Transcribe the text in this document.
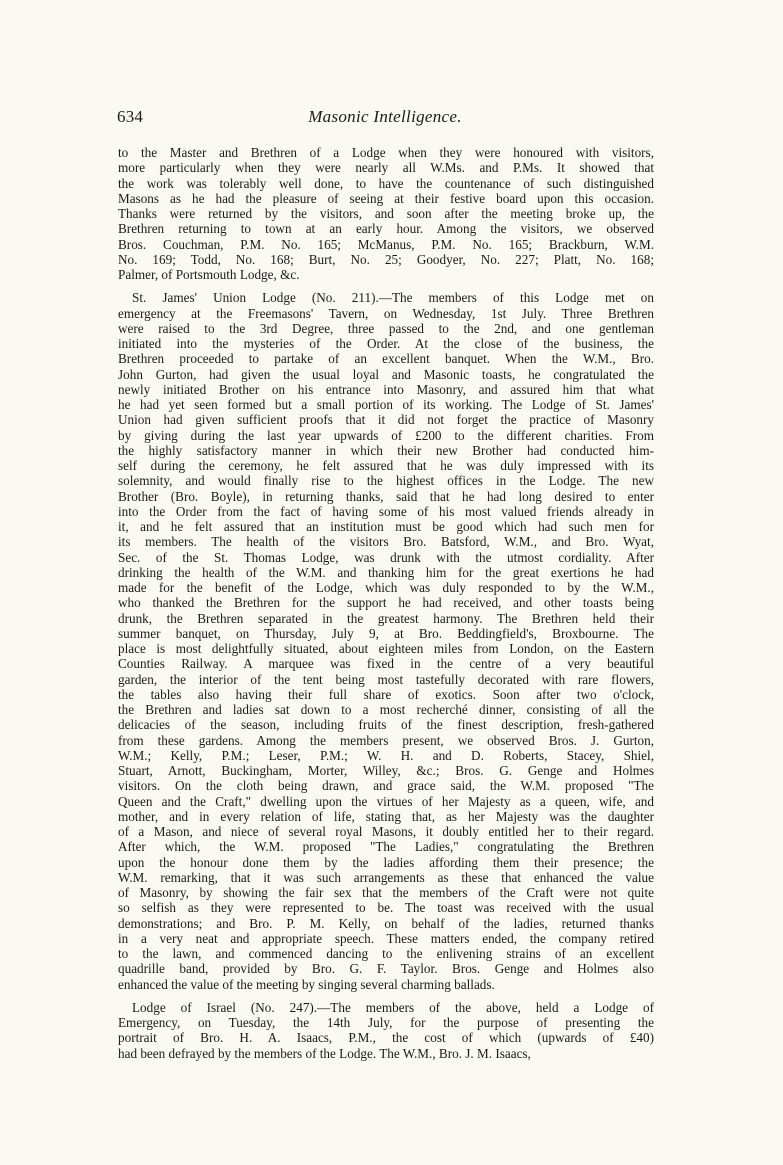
634	Masonic Intelligence.
to the Master and Brethren of a Lodge when they were honoured with visitors,
more particularly when they were nearly all W.Ms. and P.Ms. It showed that
the work was tolerably well done, to have the countenance of such distinguished
Masons as he had the pleasure of seeing at their festive board upon this occasion.
Thanks were returned by the visitors, and soon after the meeting broke up, the
Brethren returning to town at an early hour. Among the visitors, we observed
Bros. Couchman, P.M. No. 165; McManus, P.M. No. 165; Brackburn, W.M.
No. 169; Todd, No. 168; Burt, No. 25; Goodyer, No. 227; Platt, No. 168;
Palmer, of Portsmouth Lodge, &c.
St. James' Union Lodge (No. 211).—The members of this Lodge met on
emergency at the Freemasons' Tavern, on Wednesday, 1st July. Three Brethren
were raised to the 3rd Degree, three passed to the 2nd, and one gentleman
initiated into the mysteries of the Order. At the close of the business, the
Brethren proceeded to partake of an excellent banquet. When the W.M., Bro.
John Gurton, had given the usual loyal and Masonic toasts, he congratulated the
newly initiated Brother on his entrance into Masonry, and assured him that what
he had yet seen formed but a small portion of its working. The Lodge of St. James'
Union had given sufficient proofs that it did not forget the practice of Masonry
by giving during the last year upwards of £200 to the different charities. From
the highly satisfactory manner in which their new Brother had conducted him-
self during the ceremony, he felt assured that he was duly impressed with its
solemnity, and would finally rise to the highest offices in the Lodge. The new
Brother (Bro. Boyle), in returning thanks, said that he had long desired to enter
into the Order from the fact of having some of his most valued friends already in
it, and he felt assured that an institution must be good which had such men for
its members. The health of the visitors Bro. Batsford, W.M., and Bro. Wyat,
Sec. of the St. Thomas Lodge, was drunk with the utmost cordiality. After
drinking the health of the W.M. and thanking him for the great exertions he had
made for the benefit of the Lodge, which was duly responded to by the W.M.,
who thanked the Brethren for the support he had received, and other toasts being
drunk, the Brethren separated in the greatest harmony. The Brethren held their
summer banquet, on Thursday, July 9, at Bro. Beddingfield's, Broxbourne. The
place is most delightfully situated, about eighteen miles from London, on the Eastern
Counties Railway. A marquee was fixed in the centre of a very beautiful
garden, the interior of the tent being most tastefully decorated with rare flowers,
the tables also having their full share of exotics. Soon after two o'clock,
the Brethren and ladies sat down to a most recherché dinner, consisting of all the
delicacies of the season, including fruits of the finest description, fresh-gathered
from these gardens. Among the members present, we observed Bros. J. Gurton,
W.M.; Kelly, P.M.; Leser, P.M.; W. H. and D. Roberts, Stacey, Shiel,
Stuart, Arnott, Buckingham, Morter, Willey, &c.; Bros. G. Genge and Holmes
visitors. On the cloth being drawn, and grace said, the W.M. proposed "The
Queen and the Craft," dwelling upon the virtues of her Majesty as a queen, wife, and
mother, and in every relation of life, stating that, as her Majesty was the daughter
of a Mason, and niece of several royal Masons, it doubly entitled her to their regard.
After which, the W.M. proposed "The Ladies," congratulating the Brethren
upon the honour done them by the ladies affording them their presence; the
W.M. remarking, that it was such arrangements as these that enhanced the value
of Masonry, by showing the fair sex that the members of the Craft were not quite
so selfish as they were represented to be. The toast was received with the usual
demonstrations; and Bro. P. M. Kelly, on behalf of the ladies, returned thanks
in a very neat and appropriate speech. These matters ended, the company retired
to the lawn, and commenced dancing to the enlivening strains of an excellent
quadrille band, provided by Bro. G. F. Taylor. Bros. Genge and Holmes also
enhanced the value of the meeting by singing several charming ballads.
Lodge of Israel (No. 247).—The members of the above, held a Lodge of
Emergency, on Tuesday, the 14th July, for the purpose of presenting the
portrait of Bro. H. A. Isaacs, P.M., the cost of which (upwards of £40)
had been defrayed by the members of the Lodge. The W.M., Bro. J. M. Isaacs,
